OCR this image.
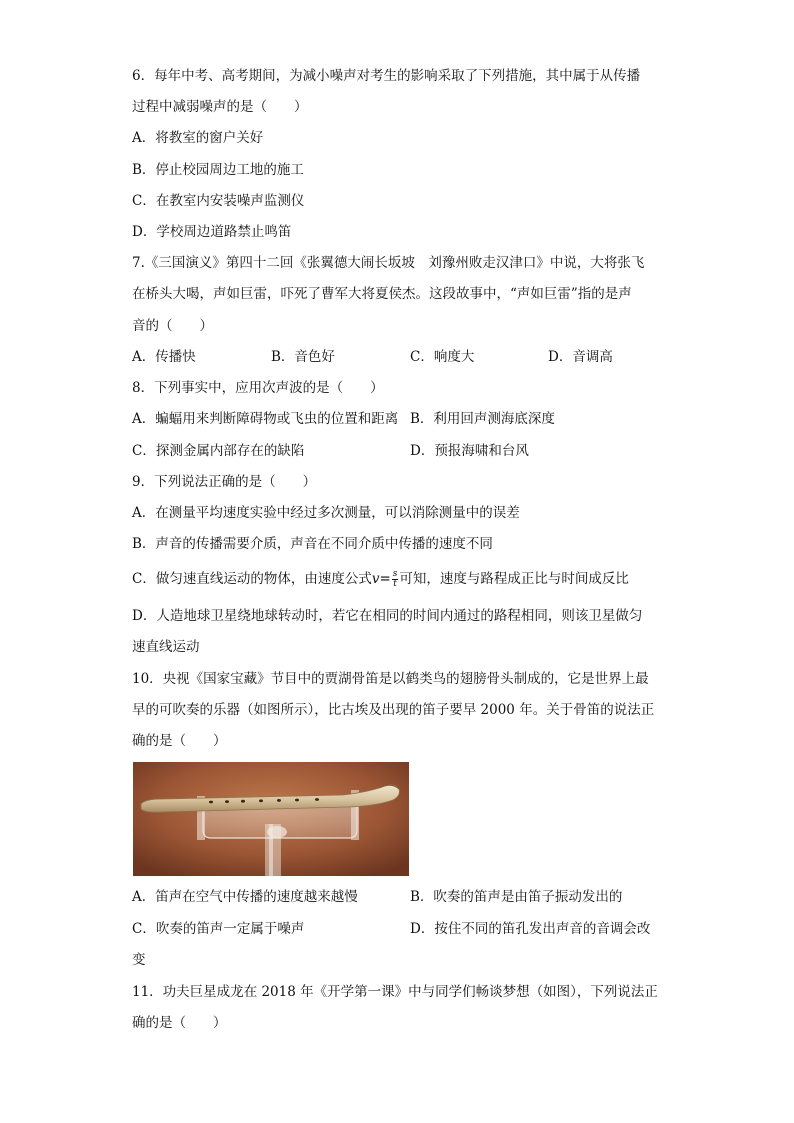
6．每年中考、高考期间，为减小噪声对考生的影响采取了下列措施，其中属于从传播
过程中减弱噪声的是（　　）
A．将教室的窗户关好
B．停止校园周边工地的施工
C．在教室内安装噪声监测仪
D．学校周边道路禁止鸣笛
7.《三国演义》第四十二回《张翼德大闹长坂坡　刘豫州败走汉津口》中说，大将张飞
在桥头大喝，声如巨雷，吓死了曹军大将夏侯杰。这段故事中，“声如巨雷”指的是声
音的（　　）
A．传播快	B．音色好	C．响度大	D．音调高
8．下列事实中，应用次声波的是（　　）
A．蝙蝠用来判断障碍物或飞虫的位置和距离 B．利用回声测海底深度
C．探测金属内部存在的缺陷	D．预报海啸和台风
9．下列说法正确的是（　　）
A．在测量平均速度实验中经过多次测量，可以消除测量中的误差
B．声音的传播需要介质，声音在不同介质中传播的速度不同
C．做匀速直线运动的物体，由速度公式$v= \frac{s}{t}$ 可知，速度与路程成正比与时间成反比
D．人造地球卫星绕地球转动时，若它在相同的时间内通过的路程相同，则该卫星做匀
速直线运动
10．央视《国家宝藏》节目中的贾湖骨笛是以鹤类鸟的翅膀骨头制成的，它是世界上最
早的可吹奏的乐器（如图所示），比古埃及出现的笛子要早 2000 年。关于骨笛的说法正
确的是（　　）
A．笛声在空气中传播的速度越来越慢	B．吹奏的笛声是由笛子振动发出的
C．吹奏的笛声一定属于噪声	D．按住不同的笛孔发出声音的音调会改
变
11．功夫巨星成龙在 2018 年《开学第一课》中与同学们畅谈梦想（如图），下列说法正
确的是（　　）
